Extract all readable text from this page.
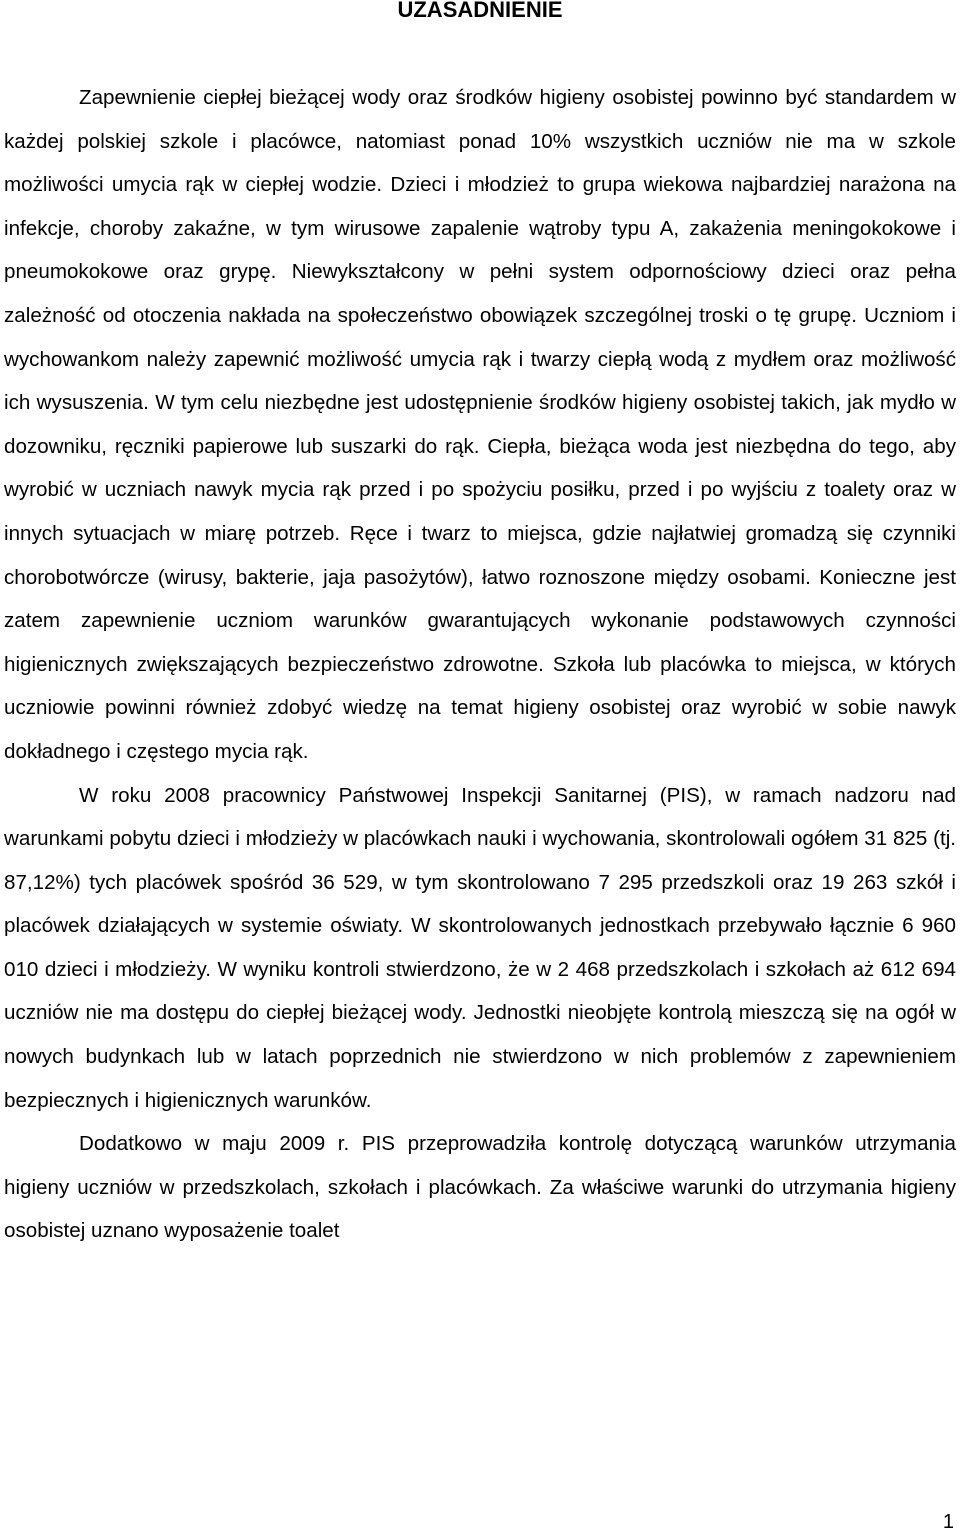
UZASADNIENIE

Zapewnienie ciepłej bieżącej wody oraz środków higieny osobistej powinno być standardem w każdej polskiej szkole i placówce, natomiast ponad 10% wszystkich uczniów nie ma w szkole możliwości umycia rąk w ciepłej wodzie. Dzieci i młodzież to grupa wiekowa najbardziej narażona na infekcje, choroby zakaźne, w tym wirusowe zapalenie wątroby typu A, zakażenia meningokokowe i pneumokokowe oraz grypę. Niewykształcony w pełni system odpornościowy dzieci oraz pełna zależność od otoczenia nakłada na społeczeństwo obowiązek szczególnej troski o tę grupę. Uczniom i wychowankom należy zapewnić możliwość umycia rąk i twarzy ciepłą wodą z mydłem oraz możliwość ich wysuszenia. W tym celu niezbędne jest udostępnienie środków higieny osobistej takich, jak mydło w dozowniku, ręczniki papierowe lub suszarki do rąk. Ciepła, bieżąca woda jest niezbędna do tego, aby wyrobić w uczniach nawyk mycia rąk przed i po spożyciu posiłku, przed i po wyjściu z toalety oraz w innych sytuacjach w miarę potrzeb. Ręce i twarz to miejsca, gdzie najłatwiej gromadzą się czynniki chorobotwórcze (wirusy, bakterie, jaja pasożytów), łatwo roznoszone między osobami. Konieczne jest zatem zapewnienie uczniom warunków gwarantujących wykonanie podstawowych czynności higienicznych zwiększających bezpieczeństwo zdrowotne. Szkoła lub placówka to miejsca, w których uczniowie powinni również zdobyć wiedzę na temat higieny osobistej oraz wyrobić w sobie nawyk dokładnego i częstego mycia rąk.

W roku 2008 pracownicy Państwowej Inspekcji Sanitarnej (PIS), w ramach nadzoru nad warunkami pobytu dzieci i młodzieży w placówkach nauki i wychowania, skontrolowali ogółem 31 825 (tj. 87,12%) tych placówek spośród 36 529, w tym skontrolowano 7 295 przedszkoli oraz 19 263 szkół i placówek działających w systemie oświaty. W skontrolowanych jednostkach przebywało łącznie 6 960 010 dzieci i młodzieży. W wyniku kontroli stwierdzono, że w 2 468 przedszkolach i szkołach aż 612 694 uczniów nie ma dostępu do ciepłej bieżącej wody. Jednostki nieobjęte kontrolą mieszczą się na ogół w nowych budynkach lub w latach poprzednich nie stwierdzono w nich problemów z zapewnieniem bezpiecznych i higienicznych warunków.

Dodatkowo w maju 2009 r. PIS przeprowadziła kontrolę dotyczącą warunków utrzymania higieny uczniów w przedszkolach, szkołach i placówkach. Za właściwe warunki do utrzymania higieny osobistej uznano wyposażenie toalet

1
